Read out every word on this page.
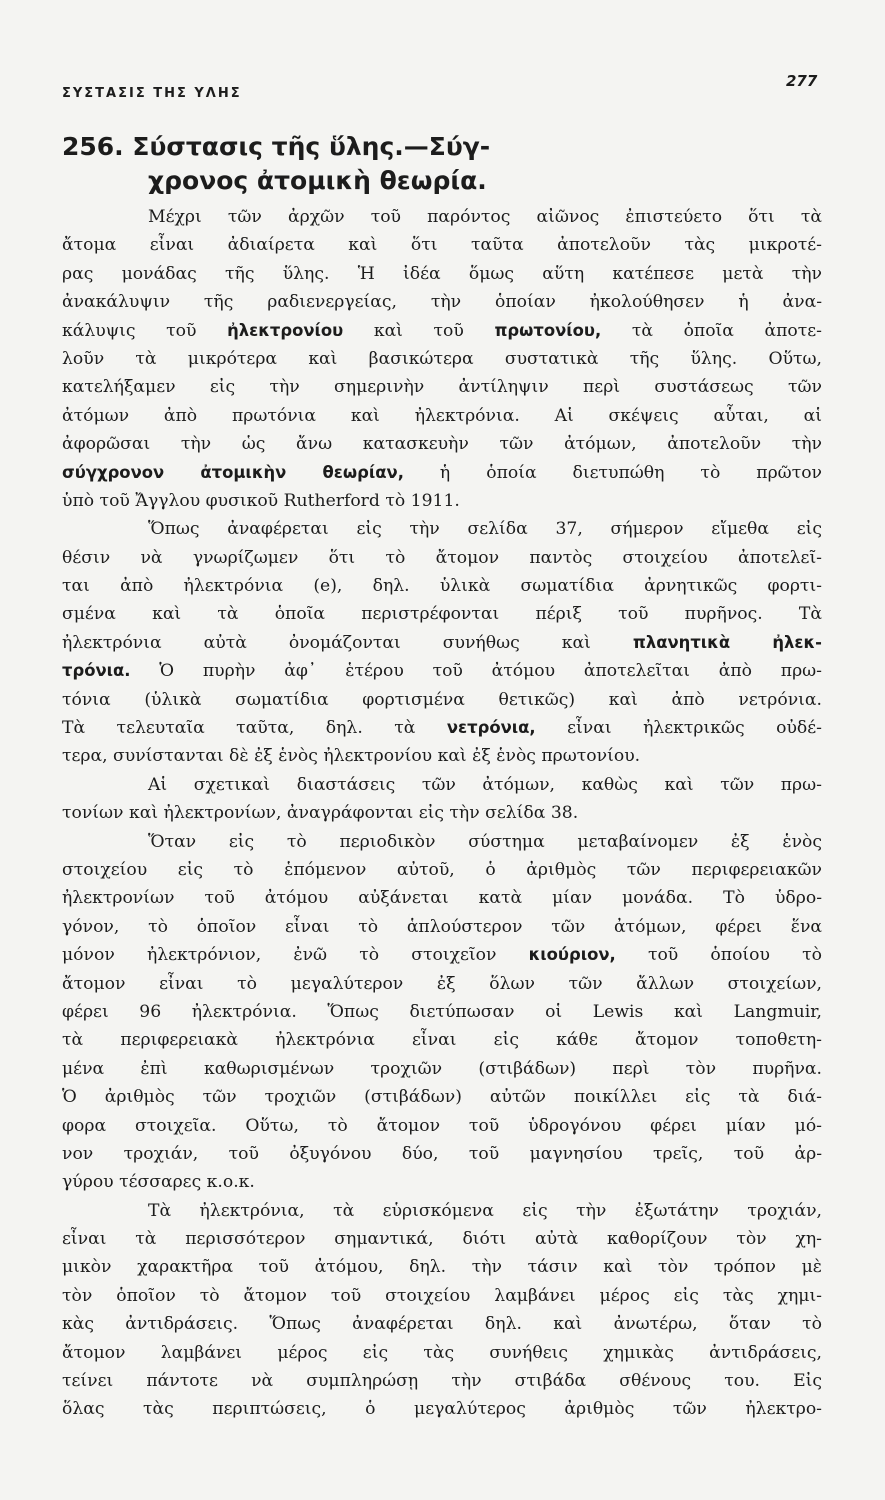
ΣΥΣΤΑΣΙΣ ΤΗΣ ΥΛΗΣ
277
256. Σύστασις τῆς ὕλης.—Σύγ-
χρονος ἀτομικὴ θεωρία.
Μέχρι τῶν ἀρχῶν τοῦ παρόντος αἰῶνος ἐπιστεύετο ὅτι τὰ
ἄτομα εἶναι ἀδιαίρετα καὶ ὅτι ταῦτα ἀποτελοῦν τὰς μικροτέ-
ρας μονάδας τῆς ὕλης. Ἡ ἰδέα ὅμως αὕτη κατέπεσε μετὰ τὴν
ἀνακάλυψιν τῆς ραδιενεργείας, τὴν ὁποίαν ἠκολούθησεν ἡ ἀνα-
κάλυψις τοῦ ἠλεκτρονίου καὶ τοῦ πρωτονίου, τὰ ὁποῖα ἀποτε-
λοῦν τὰ μικρότερα καὶ βασικώτερα συστατικὰ τῆς ὕλης. Οὕτω,
κατελήξαμεν εἰς τὴν σημερινὴν ἀντίληψιν περὶ συστάσεως τῶν
ἀτόμων ἀπὸ πρωτόνια καὶ ἠλεκτρόνια. Αἱ σκέψεις αὗται, αἱ
ἀφορῶσαι τὴν ὡς ἄνω κατασκευὴν τῶν ἀτόμων, ἀποτελοῦν τὴν
σύγχρονον ἀτομικὴν θεωρίαν, ἡ ὁποία διετυπώθη τὸ πρῶτον
ὑπὸ τοῦ Ἄγγλου φυσικοῦ Rutherford τὸ 1911.
Ὅπως ἀναφέρεται εἰς τὴν σελίδα 37, σήμερον εἴμεθα εἰς
θέσιν νὰ γνωρίζωμεν ὅτι τὸ ἄτομον παντὸς στοιχείου ἀποτελεῖ-
ται ἀπὸ ἠλεκτρόνια (e), δηλ. ὑλικὰ σωματίδια ἀρνητικῶς φορτι-
σμένα καὶ τὰ ὁποῖα περιστρέφονται πέριξ τοῦ πυρῆνος. Τὰ
ἠλεκτρόνια αὐτὰ ὀνομάζονται συνήθως καὶ πλανητικὰ ἠλεκ-
τρόνια. Ὁ πυρὴν ἀφ᾽ ἑτέρου τοῦ ἀτόμου ἀποτελεῖται ἀπὸ πρω-
τόνια (ὑλικὰ σωματίδια φορτισμένα θετικῶς) καὶ ἀπὸ νετρόνια.
Τὰ τελευταῖα ταῦτα, δηλ. τὰ νετρόνια, εἶναι ἠλεκτρικῶς οὐδέ-
τερα, συνίστανται δὲ ἐξ ἑνὸς ἠλεκτρονίου καὶ ἐξ ἑνὸς πρωτονίου.
Αἱ σχετικαὶ διαστάσεις τῶν ἀτόμων, καθὼς καὶ τῶν πρω-
τονίων καὶ ἠλεκτρονίων, ἀναγράφονται εἰς τὴν σελίδα 38.
Ὅταν εἰς τὸ περιοδικὸν σύστημα μεταβαίνομεν ἐξ ἑνὸς
στοιχείου εἰς τὸ ἑπόμενον αὐτοῦ, ὁ ἀριθμὸς τῶν περιφερειακῶν
ἠλεκτρονίων τοῦ ἀτόμου αὐξάνεται κατὰ μίαν μονάδα. Τὸ ὑδρο-
γόνον, τὸ ὁποῖον εἶναι τὸ ἁπλούστερον τῶν ἀτόμων, φέρει ἕνα
μόνον ἠλεκτρόνιον, ἐνῶ τὸ στοιχεῖον κιούριον, τοῦ ὁποίου τὸ
ἄτομον εἶναι τὸ μεγαλύτερον ἐξ ὅλων τῶν ἄλλων στοιχείων,
φέρει 96 ἠλεκτρόνια. Ὅπως διετύπωσαν οἱ Lewis καὶ Langmuir,
τὰ περιφερειακὰ ἠλεκτρόνια εἶναι εἰς κάθε ἄτομον τοποθετη-
μένα ἐπὶ καθωρισμένων τροχιῶν (στιβάδων) περὶ τὸν πυρῆνα.
Ὁ ἀριθμὸς τῶν τροχιῶν (στιβάδων) αὐτῶν ποικίλλει εἰς τὰ διά-
φορα στοιχεῖα. Οὕτω, τὸ ἄτομον τοῦ ὑδρογόνου φέρει μίαν μό-
νον τροχιάν, τοῦ ὀξυγόνου δύο, τοῦ μαγνησίου τρεῖς, τοῦ ἀρ-
γύρου τέσσαρες κ.ο.κ.
Τὰ ἠλεκτρόνια, τὰ εὑρισκόμενα εἰς τὴν ἐξωτάτην τροχιάν,
εἶναι τὰ περισσότερον σημαντικά, διότι αὐτὰ καθορίζουν τὸν χη-
μικὸν χαρακτῆρα τοῦ ἀτόμου, δηλ. τὴν τάσιν καὶ τὸν τρόπον μὲ
τὸν ὁποῖον τὸ ἄτομον τοῦ στοιχείου λαμβάνει μέρος εἰς τὰς χημι-
κὰς ἀντιδράσεις. Ὅπως ἀναφέρεται δηλ. καὶ ἀνωτέρω, ὅταν τὸ
ἄτομον λαμβάνει μέρος εἰς τὰς συνήθεις χημικὰς ἀντιδράσεις,
τείνει πάντοτε νὰ συμπληρώσῃ τὴν στιβάδα σθένους του. Εἰς
ὅλας τὰς περιπτώσεις, ὁ μεγαλύτερος ἀριθμὸς τῶν ἠλεκτρο-
